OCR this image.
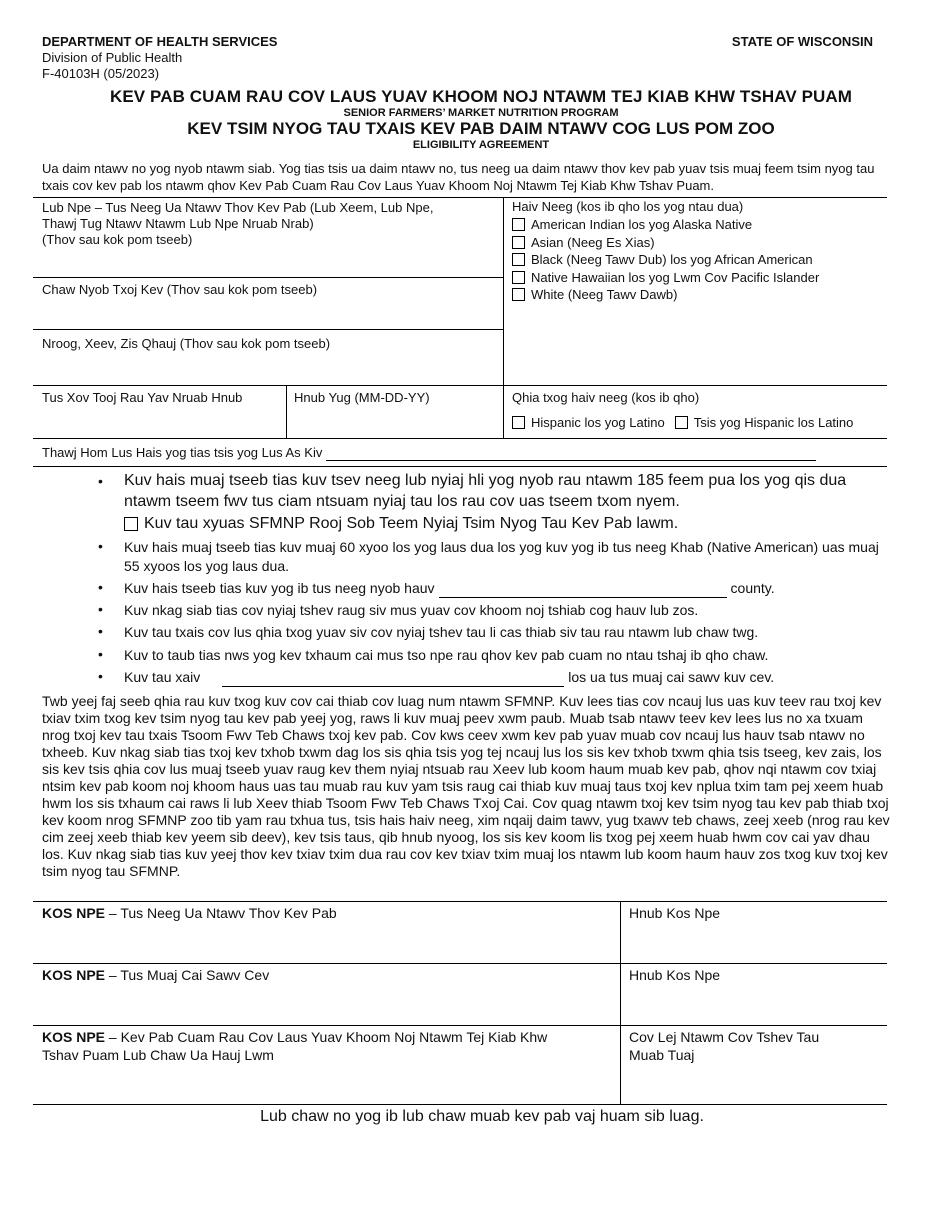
DEPARTMENT OF HEALTH SERVICES
Division of Public Health
F-40103H (05/2023)
STATE OF WISCONSIN
KEV PAB CUAM RAU COV LAUS YUAV KHOOM NOJ NTAWM TEJ KIAB KHW TSHAV PUAM
SENIOR FARMERS’ MARKET NUTRITION PROGRAM
KEV TSIM NYOG TAU TXAIS KEV PAB DAIM NTAWV COG LUS POM ZOO
ELIGIBILITY AGREEMENT
Ua daim ntawv no yog nyob ntawm siab. Yog tias tsis ua daim ntawv no, tus neeg ua daim ntawv thov kev pab yuav tsis muaj feem tsim nyog tau txais cov kev pab los ntawm qhov Kev Pab Cuam Rau Cov Laus Yuav Khoom Noj Ntawm Tej Kiab Khw Tshav Puam.
Lub Npe – Tus Neeg Ua Ntawv Thov Kev Pab (Lub Xeem, Lub Npe,
Thawj Tug Ntawv Ntawm Lub Npe Nruab Nrab)
(Thov sau kok pom tseeb)
Chaw Nyob Txoj Kev (Thov sau kok pom tseeb)
Nroog, Xeev, Zis Qhauj (Thov sau kok pom tseeb)
Tus Xov Tooj Rau Yav Nruab Hnub	Hnub Yug (MM-DD-YY)
Haiv Neeg (kos ib qho los yog ntau dua)
American Indian los yog Alaska Native
Asian (Neeg Es Xias)
Black (Neeg Tawv Dub) los yog African American
Native Hawaiian los yog Lwm Cov Pacific Islander
White (Neeg Tawv Dawb)
Qhia txog haiv neeg (kos ib qho)
Hispanic los yog Latino Tsis yog Hispanic los Latino
Thawj Hom Lus Hais yog tias tsis yog Lus As Kiv
• Kuv hais muaj tseeb tias kuv tsev neeg lub nyiaj hli yog nyob rau ntawm 185 feem pua los yog qis dua ntawm tseem fwv tus ciam ntsuam nyiaj tau los rau cov uas tseem txom nyem.
Kuv tau xyuas SFMNP Rooj Sob Teem Nyiaj Tsim Nyog Tau Kev Pab lawm.
• Kuv hais muaj tseeb tias kuv muaj 60 xyoo los yog laus dua los yog kuv yog ib tus neeg Khab (Native American) uas muaj 55 xyoos los yog laus dua.
• Kuv hais tseeb tias kuv yog ib tus neeg nyob hauv	county.
• Kuv nkag siab tias cov nyiaj tshev raug siv mus yuav cov khoom noj tshiab cog hauv lub zos.
• Kuv tau txais cov lus qhia txog yuav siv cov nyiaj tshev tau li cas thiab siv tau rau ntawm lub chaw twg.
• Kuv to taub tias nws yog kev txhaum cai mus tso npe rau qhov kev pab cuam no ntau tshaj ib qho chaw.
• Kuv tau xaiv	los ua tus muaj cai sawv kuv cev.
Twb yeej faj seeb qhia rau kuv txog kuv cov cai thiab cov luag num ntawm SFMNP. Kuv lees tias cov ncauj lus uas kuv teev rau txoj kev txiav txim txog kev tsim nyog tau kev pab yeej yog, raws li kuv muaj peev xwm paub. Muab tsab ntawv teev kev lees lus no xa txuam nrog txoj kev tau txais Tsoom Fwv Teb Chaws txoj kev pab. Cov kws ceev xwm kev pab yuav muab cov ncauj lus hauv tsab ntawv no txheeb. Kuv nkag siab tias txoj kev txhob txwm dag los sis qhia tsis yog tej ncauj lus los sis kev txhob txwm qhia tsis tseeg, kev zais, los sis kev tsis qhia cov lus muaj tseeb yuav raug kev them nyiaj ntsuab rau Xeev lub koom haum muab kev pab, qhov nqi ntawm cov txiaj ntsim kev pab koom noj khoom haus uas tau muab rau kuv yam tsis raug cai thiab kuv muaj taus txoj kev nplua txim tam pej xeem huab hwm los sis txhaum cai raws li lub Xeev thiab Tsoom Fwv Teb Chaws Txoj Cai. Cov quag ntawm txoj kev tsim nyog tau kev pab thiab txoj kev koom nrog SFMNP zoo tib yam rau txhua tus, tsis hais haiv neeg, xim nqaij daim tawv, yug txawv teb chaws, zeej xeeb (nrog rau kev cim zeej xeeb thiab kev yeem sib deev), kev tsis taus, qib hnub nyoog, los sis kev koom lis txog pej xeem huab hwm cov cai yav dhau los. Kuv nkag siab tias kuv yeej thov kev txiav txim dua rau cov kev txiav txim muaj los ntawm lub koom haum hauv zos txog kuv txoj kev tsim nyog tau SFMNP.
KOS NPE – Tus Neeg Ua Ntawv Thov Kev Pab	Hnub Kos Npe
KOS NPE – Tus Muaj Cai Sawv Cev	Hnub Kos Npe
KOS NPE – Kev Pab Cuam Rau Cov Laus Yuav Khoom Noj Ntawm Tej Kiab Khw
Tshav Puam Lub Chaw Ua Hauj Lwm
Cov Lej Ntawm Cov Tshev Tau
Muab Tuaj
Lub chaw no yog ib lub chaw muab kev pab vaj huam sib luag.
